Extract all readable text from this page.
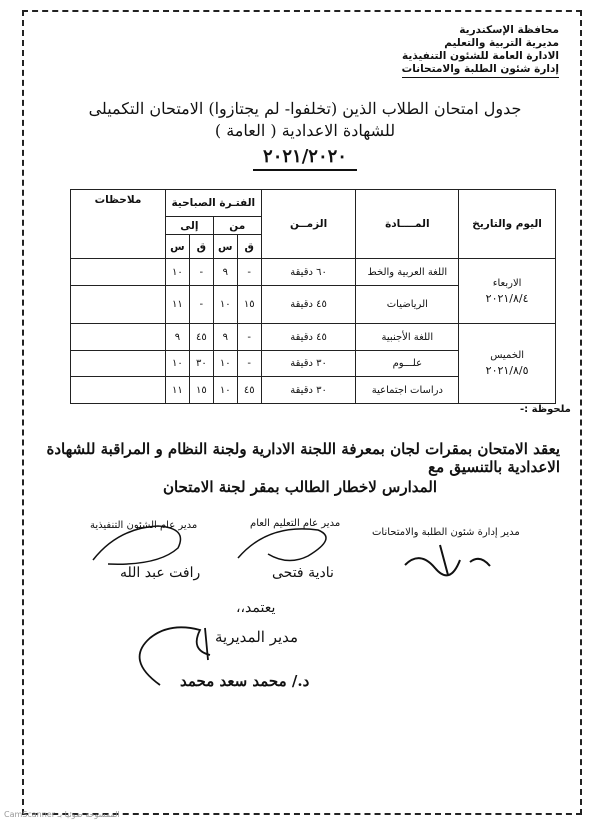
محافظة الإسكندرية
مديرية التربية والتعليم
الادارة العامة للشئون التنفيذية
إدارة شئون الطلبة والامتحانات
جدول امتحان الطلاب الذين (تخلفوا- لم يجتازوا) الامتحان التكميلى
للشهادة الاعدادية ( العامة )
٢٠٢١/٢٠٢٠
اليوم والتاريخ	المــــادة	الزمــن	الفتـرة الصباحية				ملاحظات
			من		إلى		
			ق	س	ق	س	

الاربعاء
٢٠٢١/٨/٤	اللغة العربية والخط	٦٠ دقيقة	-	٩	-	١٠	
	الرياضيات	٤٥ دقيقة	١٥	١٠	-	١١	

الخميس
٢٠٢١/٨/٥	اللغة الأجنبية	٤٥ دقيقة	-	٩	٤٥	٩	
	علـــوم	٣٠ دقيقة	-	١٠	٣٠	١٠	
	دراسات اجتماعية	٣٠ دقيقة	٤٥	١٠	١٥	١١	
ملحوظة :-
يعقد الامتحان بمقرات لجان بمعرفة اللجنة الادارية ولجنة النظام و المراقبة للشهادة الاعدادية بالتنسيق مع
المدارس لاخطار الطالب بمقر لجنة الامتحان
مدير إدارة شئون الطلبة والامتحانات
مدير عام التعليم العام
نادية فتحى
مدير عام الشئون التنفيذية
رافت عبد الله
يعتمد،،
مدير المديرية
د./ محمد سعد محمد
CamScanner الممسوحة ضوئيا بـ
